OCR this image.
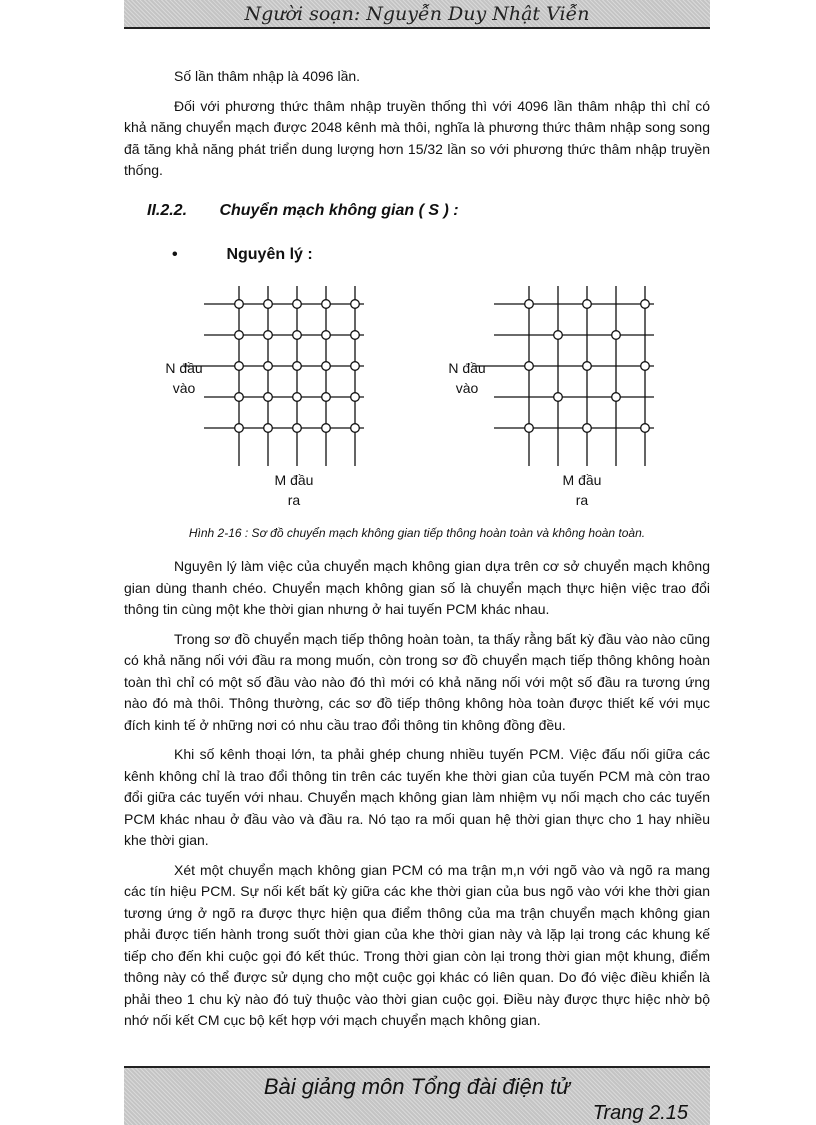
Người soạn: Nguyễn Duy Nhật Viễn

Số lần thâm nhập là 4096 lần.

Đối với phương thức thâm nhập truyền thống thì với 4096 lần thâm nhập thì chỉ có khả năng chuyển mạch được 2048 kênh mà thôi, nghĩa là phương thức thâm nhập song song đã tăng khả năng phát triển dung lượng hơn 15/32 lần so với phương thức thâm nhập truyền thống.

II.2.2. Chuyển mạch không gian ( S ) :
•	Nguyên lý :
N đầu
vào
M đầu
ra
N đầu
vào
M đầu
ra
Hình 2-16 : Sơ đồ chuyển mạch không gian tiếp thông hoàn toàn và không hoàn toàn.

Nguyên lý làm việc của chuyển mạch không gian dựa trên cơ sở chuyển mạch không gian dùng thanh chéo. Chuyển mạch không gian số là chuyển mạch thực hiện việc trao đổi thông tin cùng một khe thời gian nhưng ở hai tuyến PCM khác nhau.

Trong sơ đồ chuyển mạch tiếp thông hoàn toàn, ta thấy rằng bất kỳ đầu vào nào cũng có khả năng nối với đầu ra mong muốn, còn trong sơ đồ chuyển mạch tiếp thông không hoàn toàn thì chỉ có một số đầu vào nào đó thì mới có khả năng nối với một số đầu ra tương ứng nào đó mà thôi. Thông thường, các sơ đồ tiếp thông không hòa toàn được thiết kế với mục đích kinh tế ở những nơi có nhu cầu trao đổi thông tin không đồng đều.

Khi số kênh thoại lớn, ta phải ghép chung nhiều tuyến PCM. Việc đấu nối giữa các kênh không chỉ là trao đổi thông tin trên các tuyến khe thời gian của tuyến PCM mà còn trao đổi giữa các tuyến với nhau. Chuyển mạch không gian làm nhiệm vụ nối mạch cho các tuyến PCM khác nhau ở đầu vào và đầu ra. Nó tạo ra mối quan hệ thời gian thực cho 1 hay nhiều khe thời gian.

Xét một chuyển mạch không gian PCM có ma trận m,n với ngõ vào và ngõ ra mang các tín hiệu PCM. Sự nối kết bất kỳ giữa các khe thời gian của bus ngõ vào với khe thời gian tương ứng ở ngõ ra được thực hiện qua điểm thông của ma trận chuyển mạch không gian phải được tiến hành trong suốt thời gian của khe thời gian này và lặp lại trong các khung kế tiếp cho đến khi cuộc gọi đó kết thúc. Trong thời gian còn lại trong thời gian một khung, điểm thông này có thể được sử dụng cho một cuộc gọi khác có liên quan. Do đó việc điều khiển là phải theo 1 chu kỳ nào đó tuỳ thuộc vào thời gian cuộc gọi. Điều này được thực hiệc nhờ bộ nhớ nối kết CM cục bộ kết hợp với mạch chuyển mạch không gian.

Bài giảng môn Tổng đài điện tử
Trang 2.15
